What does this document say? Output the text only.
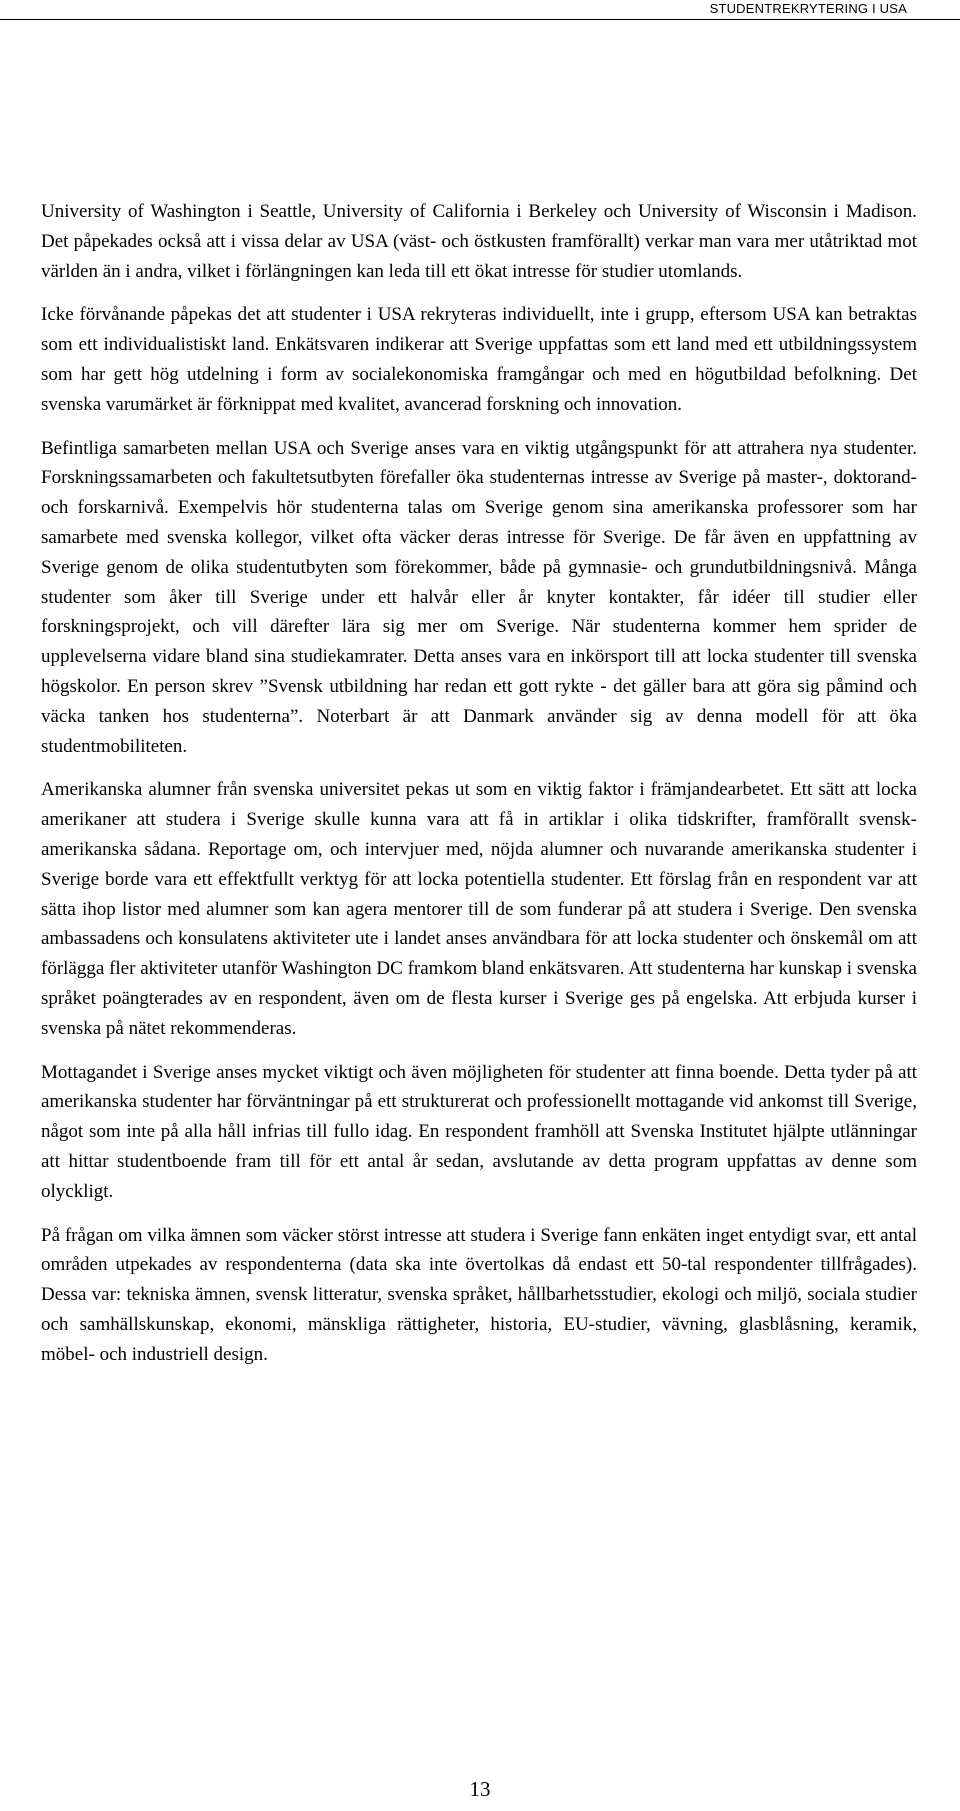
STUDENTREKRYTERING I USA

University of Washington i Seattle, University of California i Berkeley och University of Wisconsin i Madison. Det påpekades också att i vissa delar av USA (väst- och östkusten framförallt) verkar man vara mer utåtriktad mot världen än i andra, vilket i förlängningen kan leda till ett ökat intresse för studier utomlands.

Icke förvånande påpekas det att studenter i USA rekryteras individuellt, inte i grupp, eftersom USA kan betraktas som ett individualistiskt land. Enkätsvaren indikerar att Sverige uppfattas som ett land med ett utbildningssystem som har gett hög utdelning i form av socialekonomiska framgångar och med en högutbildad befolkning. Det svenska varumärket är förknippat med kvalitet, avancerad forskning och innovation.

Befintliga samarbeten mellan USA och Sverige anses vara en viktig utgångspunkt för att attrahera nya studenter. Forskningssamarbeten och fakultetsutbyten förefaller öka studenternas intresse av Sverige på master-, doktorand- och forskarnivå. Exempelvis hör studenterna talas om Sverige genom sina amerikanska professorer som har samarbete med svenska kollegor, vilket ofta väcker deras intresse för Sverige. De får även en uppfattning av Sverige genom de olika studentutbyten som förekommer, både på gymnasie- och grundutbildningsnivå. Många studenter som åker till Sverige under ett halvår eller år knyter kontakter, får idéer till studier eller forskningsprojekt, och vill därefter lära sig mer om Sverige. När studenterna kommer hem sprider de upplevelserna vidare bland sina studiekamrater. Detta anses vara en inkörsport till att locka studenter till svenska högskolor. En person skrev ”Svensk utbildning har redan ett gott rykte - det gäller bara att göra sig påmind och väcka tanken hos studenterna”. Noterbart är att Danmark använder sig av denna modell för att öka studentmobiliteten.

Amerikanska alumner från svenska universitet pekas ut som en viktig faktor i främjandearbetet. Ett sätt att locka amerikaner att studera i Sverige skulle kunna vara att få in artiklar i olika tidskrifter, framförallt svensk-amerikanska sådana. Reportage om, och intervjuer med, nöjda alumner och nuvarande amerikanska studenter i Sverige borde vara ett effektfullt verktyg för att locka potentiella studenter. Ett förslag från en respondent var att sätta ihop listor med alumner som kan agera mentorer till de som funderar på att studera i Sverige. Den svenska ambassadens och konsulatens aktiviteter ute i landet anses användbara för att locka studenter och önskemål om att förlägga fler aktiviteter utanför Washington DC framkom bland enkätsvaren. Att studenterna har kunskap i svenska språket poängterades av en respondent, även om de flesta kurser i Sverige ges på engelska. Att erbjuda kurser i svenska på nätet rekommenderas.

Mottagandet i Sverige anses mycket viktigt och även möjligheten för studenter att finna boende. Detta tyder på att amerikanska studenter har förväntningar på ett strukturerat och professionellt mottagande vid ankomst till Sverige, något som inte på alla håll infrias till fullo idag. En respondent framhöll att Svenska Institutet hjälpte utlänningar att hittar studentboende fram till för ett antal år sedan, avslutande av detta program uppfattas av denne som olyckligt.

På frågan om vilka ämnen som väcker störst intresse att studera i Sverige fann enkäten inget entydigt svar, ett antal områden utpekades av respondenterna (data ska inte övertolkas då endast ett 50-tal respondenter tillfrågades). Dessa var: tekniska ämnen, svensk litteratur, svenska språket, hållbarhetsstudier, ekologi och miljö, sociala studier och samhällskunskap, ekonomi, mänskliga rättigheter, historia, EU-studier, vävning, glasblåsning, keramik, möbel- och industriell design.

13
